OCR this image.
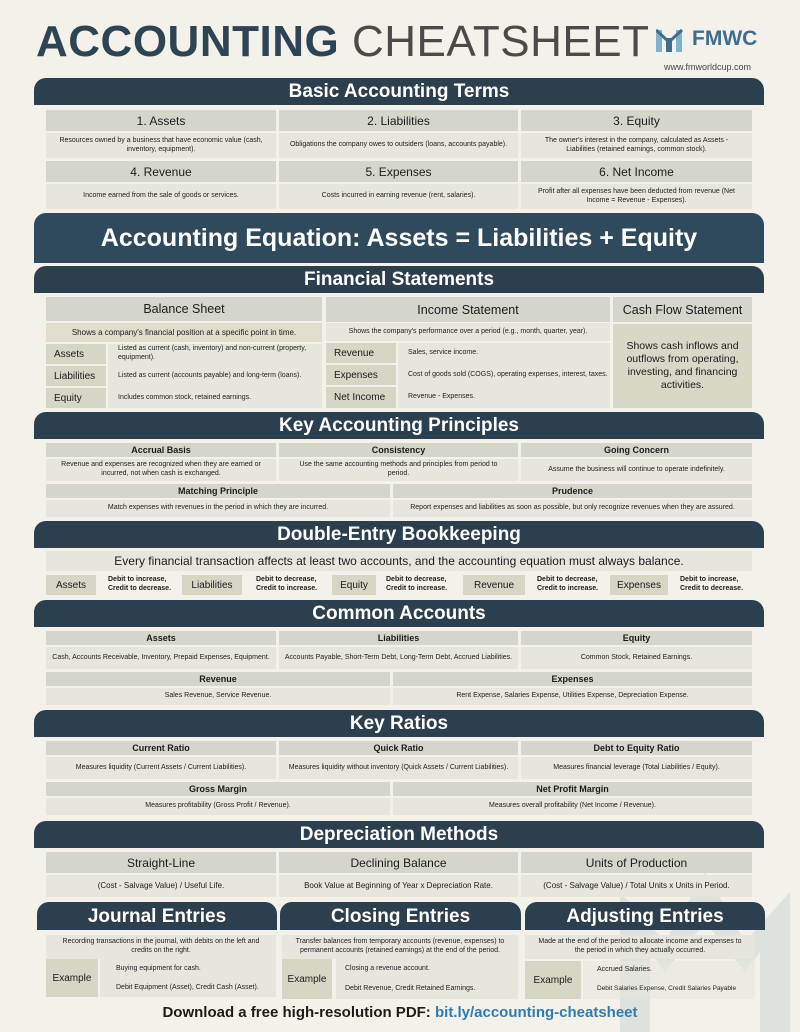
ACCOUNTING CHEATSHEET FMWC
www.fmworldcup.com
Basic Accounting Terms
1. Assets	2. Liabilities	3. Equity
Resources owned by a business that have economic value (cash, inventory, equipment).
Obligations the company owes to outsiders (loans, accounts payable).
The owner's interest in the company, calculated as Assets - Liabilities (retained earnings, common stock).
4. Revenue	5. Expenses	6. Net Income
Income earned from the sale of goods or services.	Costs incurred in earning revenue (rent, salaries).
Profit after all expenses have been deducted from revenue (Net Income = Revenue - Expenses).
Accounting Equation: Assets = Liabilities + Equity
Financial Statements
Balance Sheet
Shows a company's financial position at a specific point in time.
Assets	Listed as current (cash, inventory) and non-current (property, equipment).
Liabilities	Listed as current (accounts payable) and long-term (loans).
Equity	Includes common stock, retained earnings.
Income Statement
Shows the company's performance over a period (e.g., month, quarter, year).
Revenue	Sales, service income.
Expenses	Cost of goods sold (COGS), operating expenses, interest, taxes.
Net Income	Revenue - Expenses.
Cash Flow Statement
Shows cash inflows and outflows from operating, investing, and financing activities.
Key Accounting Principles
Accrual Basis	Consistency	Going Concern
Revenue and expenses are recognized when they are earned or incurred, not when cash is exchanged.
Use the same accounting methods and principles from period to period.
Assume the business will continue to operate indefinitely.
Matching Principle	Prudence
Match expenses with revenues in the period in which they are incurred.	Report expenses and liabilities as soon as possible, but only recognize revenues when they are assured.
Double-Entry Bookkeeping
Every financial transaction affects at least two accounts, and the accounting equation must always balance.
Assets	Debit to increase, Credit to decrease.	Liabilities	Debit to decrease, Credit to increase.	Equity	Debit to decrease, Credit to increase.	Revenue	Debit to decrease, Credit to increase.	Expenses	Debit to increase, Credit to decrease.
Common Accounts
Assets	Liabilities	Equity
Cash, Accounts Receivable, Inventory, Prepaid Expenses, Equipment.	Accounts Payable, Short-Term Debt, Long-Term Debt, Accrued Liabilities.	Common Stock, Retained Earnings.
Revenue	Expenses
Sales Revenue, Service Revenue.	Rent Expense, Salaries Expense, Utilities Expense, Depreciation Expense.
Key Ratios
Current Ratio	Quick Ratio	Debt to Equity Ratio
Measures liquidity (Current Assets / Current Liabilities).	Measures liquidity without inventory (Quick Assets / Current Liabilities).	Measures financial leverage (Total Liabilities / Equity).
Gross Margin	Net Profit Margin
Measures profitability (Gross Profit / Revenue).	Measures overall profitability (Net Income / Revenue).
Depreciation Methods
Straight-Line	Declining Balance	Units of Production
(Cost - Salvage Value) / Useful Life.	Book Value at Beginning of Year x Depreciation Rate.	(Cost - Salvage Value) / Total Units x Units in Period.
Journal Entries
Recording transactions in the journal, with debits on the left and credits on the right.
Example
Buying equipment for cash.
Debit Equipment (Asset), Credit Cash (Asset).
Closing Entries
Transfer balances from temporary accounts (revenue, expenses) to permanent accounts (retained earnings) at the end of the period.
Example
Closing a revenue account.
Debit Revenue, Credit Retained Earnings.
Adjusting Entries
Made at the end of the period to allocate income and expenses to the period in which they actually occurred.
Example
Accrued Salaries.
Debit Salaries Expense, Credit Salaries Payable
Download a free high-resolution PDF: bit.ly/accounting-cheatsheet
